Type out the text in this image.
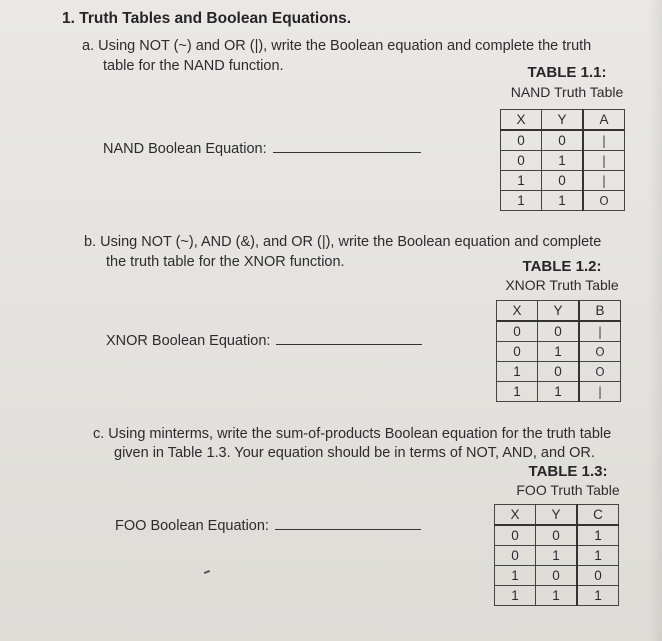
1. Truth Tables and Boolean Equations.
a. Using NOT (~) and OR (|), write the Boolean equation and complete the truth
table for the NAND function.	TABLE 1.1:
NAND Truth Table
X	Y	A
0	0	|
0	1	|
1	0	|
1	1	O
NAND Boolean Equation:
b. Using NOT (~), AND (&), and OR (|), write the Boolean equation and complete
the truth table for the XNOR function.	TABLE 1.2:
XNOR Truth Table
X	Y	B
0	0	|
0	1	O
1	0	O
1	1	|
XNOR Boolean Equation:
c. Using minterms, write the sum-of-products Boolean equation for the truth table
given in Table 1.3. Your equation should be in terms of NOT, AND, and OR.
TABLE 1.3:
FOO Truth Table
X	Y	C
0	0	1
0	1	1
1	0	0
1	1	1
FOO Boolean Equation:
